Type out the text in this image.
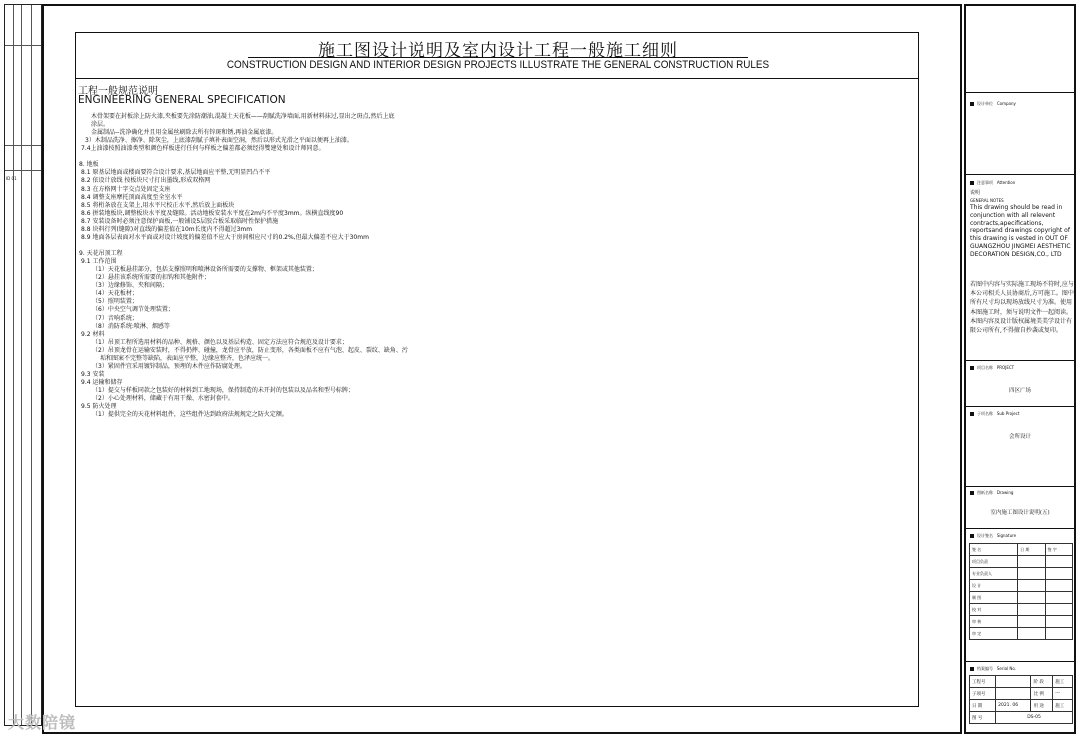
ID 01
施工图设计说明及室内设计工程一般施工细则
CONSTRUCTION DESIGN AND INTERIOR DESIGN PROJECTS ILLUSTRATE THE GENERAL CONSTRUCTION RULES
工程一般规范说明
ENGINEERING GENERAL SPECIFICATION
木骨架要在封板涂上防火漆,夹板要先涂防潮油,混凝土天花板——刮腻洗净墙面,用新材料抹过,显出之斑点,然后上底
涂层。
金属制品--洗净确化并且用金属丝刷除去所有锌斑和锈,再油金属底漆。
3）木制品洗净、擦净、除灰尘，上底漆刮腻子填补表面空洞，然后以形式光滑之平面以便再上油漆。
7.4上油漆按照油漆类型和颜色样板进行任何与样板之偏差都必须经得雙建处和设计师同意。
8. 地板
8.1 原基层地面或楼面要符合设计要求,基层地面应平整,无明显凹凸不平
8.2 依设计放线 按板块尺寸打出墨线,形成双格网
8.3 在方格网十字交点处固定支座
8.4 调整支座摩托顶面高度至全室水平
8.5 将桁条放在支架上,用水平尺校正水平,然后放上面板块
8.6 拼装地板块,调整板块水平度及缝隙。活动地板安装水平度在2m内不平度3mm。纵横直线度90
8.7 安装设备时必须注意保护面板,一般铺设5层胶合板采取临时性保护措施
8.8 块料行列(缝隙)对直线的偏差值在10m长度内不得超过3mm
8.9 地面各层表面对水平面或对设计坡度的偏差值不应大于房间相应尺寸的0.2%,但最大偏差不应大于30mm
9. 天花吊顶工程
9.1 工作范围
（1）天花板悬挂部分，包括支撑照明和喷淋设备所需要的支撑物、框架或其他装置；
（2）悬挂该系统所需要的扣钩和其他附件；
（3）边缘修饰、夹和间隔；
（4）天花板材；
（5）照明装置；
（6）中央空气调节处理装置；
（7）音响系统；
（8）消防系统:喷淋、烟感等
9.2 材料
（1）吊顶工程所选用材料的品种、规格、颜色以及基层构造、固定方法应符合规范及设计要求；
（2）吊顶龙骨在运输安装时，不得扔摔、碰撞，龙骨应平放，防止变形，各类面板不应有气泡、起皮、裂纹、缺角、污
垢和图案不完整等缺陷，表面应平整，边缘应整齐，色泽应统一。
（3）紧固件宜采用镀锌制品，预埋的木件应作防腐处理。
9.3 安装
9.4 运输和储存
（1）提交与样板同款之包装好的材料到工地现场，保持制造的未开封的包装以及品名和型号标牌；
（2）小心处理材料，储藏于有用干燥、水密封套中。
9.5 防火处理
（1）提供完全的天花材料组件，这些组件达到政府法规规定之防火定额。
设计单位 Company
注意事项 Attention
说明
GENERAL NOTES
This drawing should be read in conjunction with all relevent contracts,apecifications, reportsand drawings copyright of this drawing is vested in OUT OF GUANGZHOU JINGMEI AESTHETIC DECORATION DESIGN,CO., LTD
若图中内容与实际施工现场不符时,应与本公司相关人员协商后,方可施工。图中所有尺寸均以现场放线尺寸为准。使用本图施工时，须与说明文件一起阅读。本图内容及设计版权属境美美学设计有限公司所有,不得擅自抄袭或复印。
项目名称 PROJECT
四区广场
子项名称 Sub Project
会所设计
图纸名称 Drawing
室内施工图设计说明(五)
设计签名 Signature
签 名	日 期	签 字
项目负责		
专业负责人		
设 计		
制 图		
校 对		
审 核		
审 定		
档案编号 Serial No.
工程号		阶 段	施工
子项号		比 例	---
日 期	2021. 06	用 途	施工
图 号	DS-05		
大数陪镜
